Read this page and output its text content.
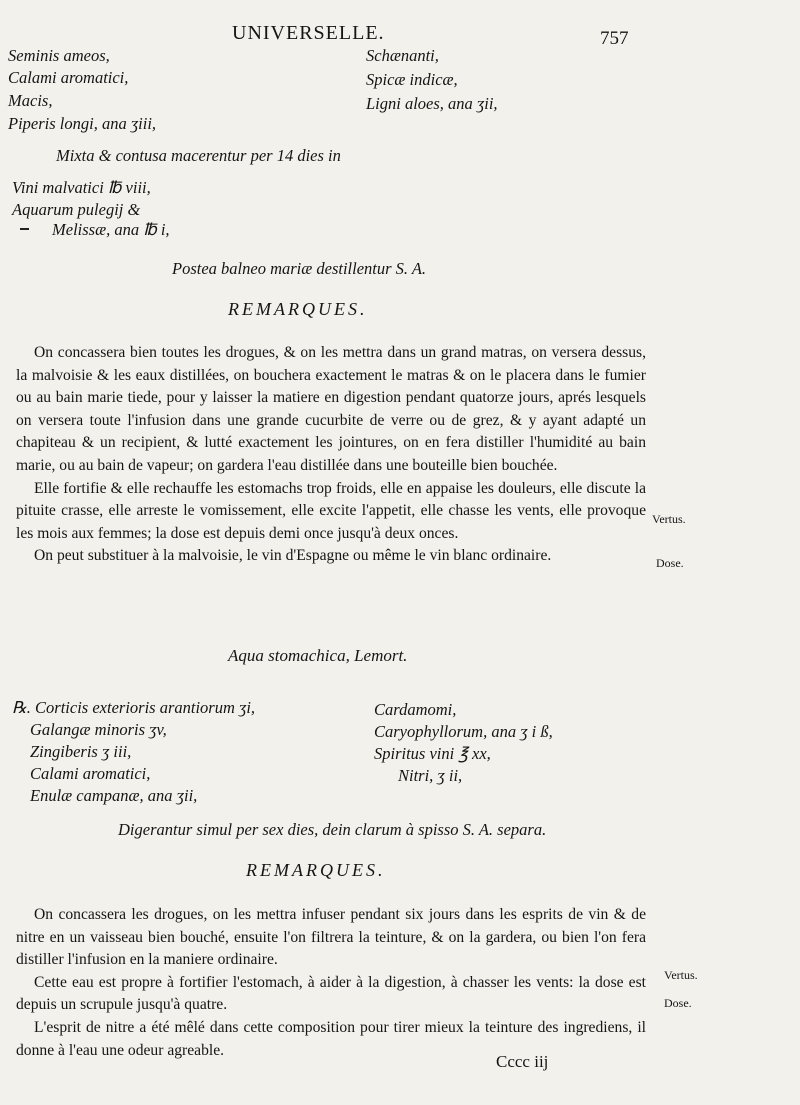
UNIVERSELLE.	757
Seminis ameos,
Calami aromatici,
Macis,
Piperis longi, ana ʒiii,
Schænanti,
Spicæ indicæ,
Ligni aloes, ana ʒii,
Mixta & contusa macerentur per 14 dies in
Vini malvatici ℔ viii,
Aquarum pulegij &
Melissæ, ana ℔ i,
Postea balneo mariæ destillentur S. A.
REMARQUES.

On concassera bien toutes les drogues, & on les mettra dans un grand matras, on versera dessus, la malvoisie & les eaux distillées, on bouchera exactement le matras & on le placera dans le fumier ou au bain marie tiede, pour y laisser la matiere en digestion pendant quatorze jours, aprés lesquels on versera toute l'infusion dans une grande cucurbite de verre ou de grez, & y ayant adapté un chapiteau & un recipient, & lutté exactement les jointures, on en fera distiller l'humidité au bain marie, ou au bain de vapeur; on gardera l'eau distillée dans une bouteille bien bouchée.

Elle fortifie & elle rechauffe les estomachs trop froids, elle en appaise les douleurs, elle discute la pituite crasse, elle arreste le vomissement, elle excite l'appetit, elle chasse les vents, elle provoque les mois aux femmes; la dose est depuis demi once jusqu'à deux onces.

On peut substituer à la malvoisie, le vin d'Espagne ou même le vin blanc ordinaire.

Vertus.
Dose.
Aqua stomachica, Lemort.
℞. Corticis exterioris arantiorum ʒi,
Galangæ minoris ʒv,
Zingiberis ʒ iii,
Calami aromatici,
Enulæ campanæ, ana ʒii,
Cardamomi,
Caryophyllorum, ana ʒ i ß,
Spiritus vini ℥ xx,
Nitri, ʒ ii,
Digerantur simul per sex dies, dein clarum à spisso S. A. separa.
REMARQUES.

On concassera les drogues, on les mettra infuser pendant six jours dans les esprits de vin & de nitre en un vaisseau bien bouché, ensuite l'on filtrera la teinture, & on la gardera, ou bien l'on fera distiller l'infusion en la maniere ordinaire.

Cette eau est propre à fortifier l'estomach, à aider à la digestion, à chasser les vents: la dose est depuis un scrupule jusqu'à quatre.

L'esprit de nitre a été mêlé dans cette composition pour tirer mieux la teinture des ingrediens, il donne à l'eau une odeur agreable.

Vertus.
Dose.
Cccc iij
